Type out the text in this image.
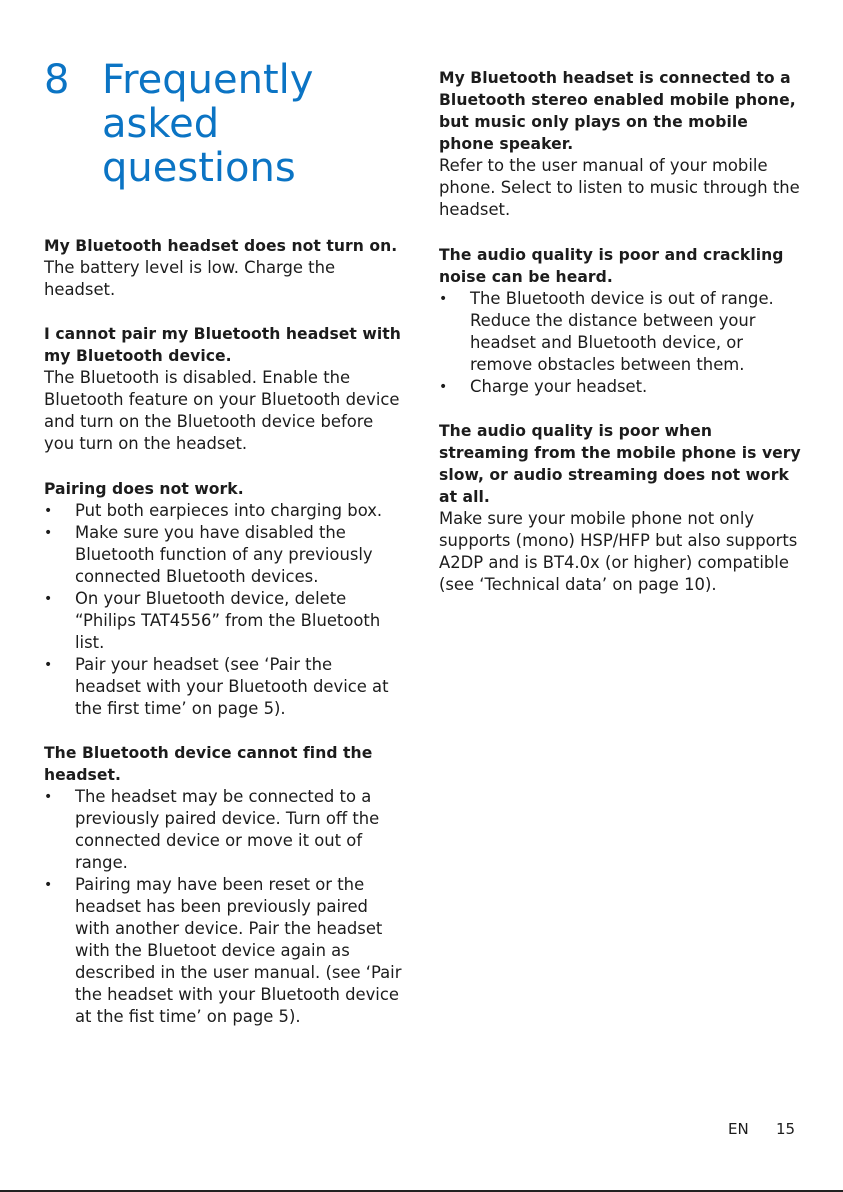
8 Frequently asked questions

My Bluetooth headset does not turn on.

The battery level is low. Charge the headset.

I cannot pair my Bluetooth headset with my Bluetooth device.

The Bluetooth is disabled. Enable the Bluetooth feature on your Bluetooth device and turn on the Bluetooth device before you turn on the headset.

Pairing does not work.

• Put both earpieces into charging box.
• Make sure you have disabled the Bluetooth function of any previously connected Bluetooth devices.
• On your Bluetooth device, delete “Philips TAT4556” from the Bluetooth list.
• Pair your headset (see ‘Pair the headset with your Bluetooth device at the first time’ on page 5).

The Bluetooth device cannot find the headset.

• The headset may be connected to a previously paired device. Turn off the connected device or move it out of range.
• Pairing may have been reset or the headset has been previously paired with another device. Pair the headset with the Bluetoot device again as described in the user manual. (see ‘Pair the headset with your Bluetooth device at the fist time’ on page 5).

My Bluetooth headset is connected to a Bluetooth stereo enabled mobile phone, but music only plays on the mobile phone speaker.

Refer to the user manual of your mobile phone. Select to listen to music through the headset.

The audio quality is poor and crackling noise can be heard.

• The Bluetooth device is out of range. Reduce the distance between your headset and Bluetooth device, or remove obstacles between them.
• Charge your headset.

The audio quality is poor when streaming from the mobile phone is very slow, or audio streaming does not work at all.

Make sure your mobile phone not only supports (mono) HSP/HFP but also supports A2DP and is BT4.0x (or higher) compatible (see ‘Technical data’ on page 10).

EN 15
